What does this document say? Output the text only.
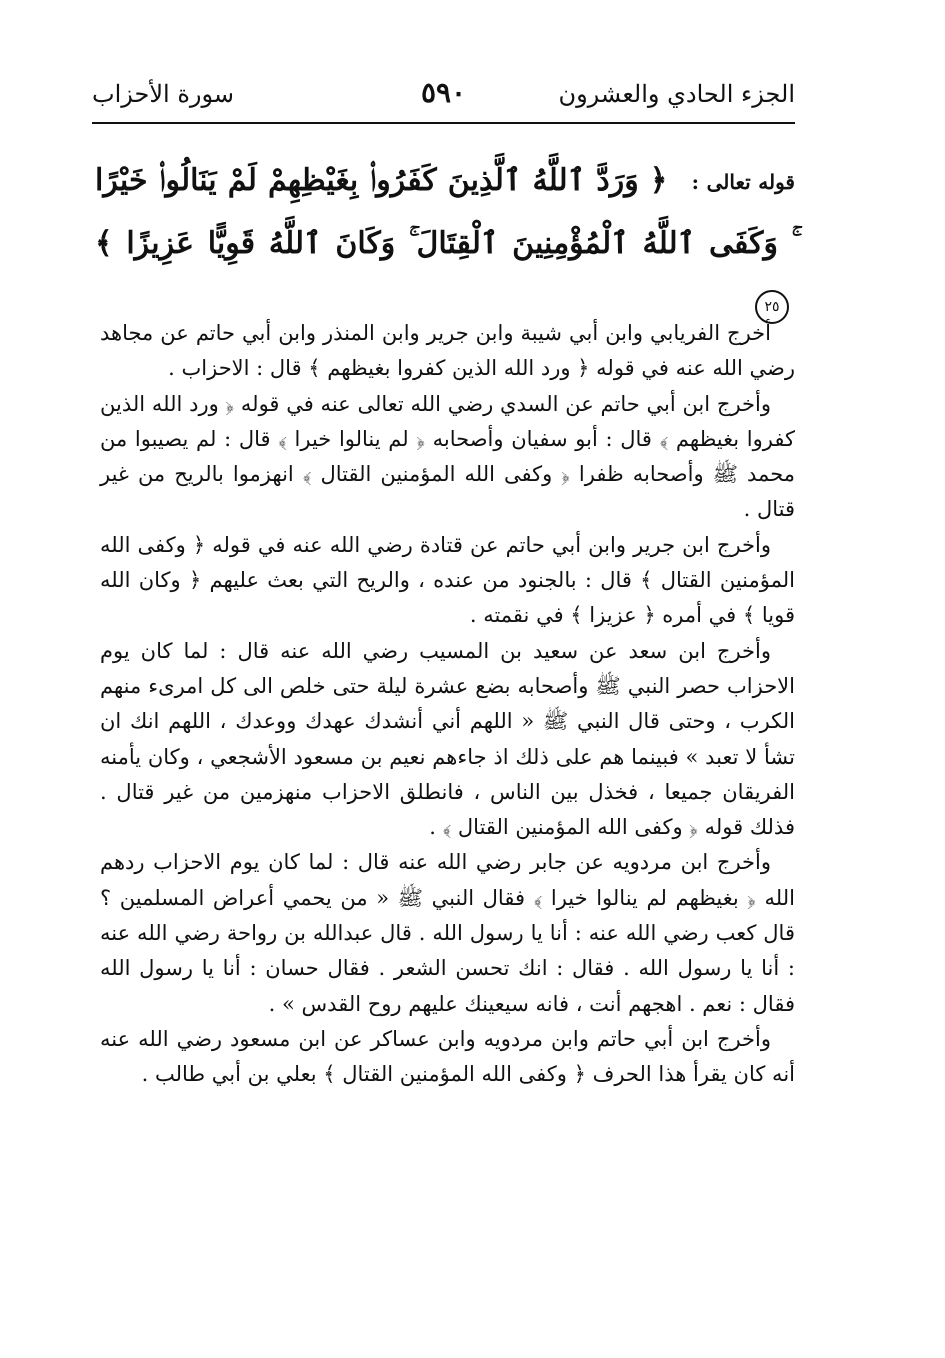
الجزء الحادي والعشرون
٥٩٠
سورة الأحزاب
قوله تعالى : ﴿ وَرَدَّ ٱللَّهُ ٱلَّذِينَ كَفَرُوا۟ بِغَيْظِهِمْ لَمْ يَنَالُوا۟ خَيْرًا ۚ وَكَفَى ٱللَّهُ ٱلْمُؤْمِنِينَ ٱلْقِتَالَ ۚ وَكَانَ ٱللَّهُ قَوِيًّا عَزِيزًا ﴾ ٢٥

أخرج الفريابي وابن أبي شيبة وابن جرير وابن المنذر وابن أبي حاتم عن مجاهد رضي الله عنه في قوله ﴿ ورد الله الذين كفروا بغيظهم ﴾ قال : الاحزاب .

وأخرج ابن أبي حاتم عن السدي رضي الله تعالى عنه في قوله ﴿ ورد الله الذين كفروا بغيظهم ﴾ قال : أبو سفيان وأصحابه ﴿ لم ينالوا خيرا ﴾ قال : لم يصيبوا من محمد ﷺ وأصحابه ظفرا ﴿ وكفى الله المؤمنين القتال ﴾ انهزموا بالريح من غير قتال .

وأخرج ابن جرير وابن أبي حاتم عن قتادة رضي الله عنه في قوله ﴿ وكفى الله المؤمنين القتال ﴾ قال : بالجنود من عنده ، والريح التي بعث عليهم ﴿ وكان الله قويا ﴾ في أمره ﴿ عزيزا ﴾ في نقمته .

وأخرج ابن سعد عن سعيد بن المسيب رضي الله عنه قال : لما كان يوم الاحزاب حصر النبي ﷺ وأصحابه بضع عشرة ليلة حتى خلص الى كل امرىء منهم الكرب ، وحتى قال النبي ﷺ « اللهم أني أنشدك عهدك ووعدك ، اللهم انك ان تشأ لا تعبد » فبينما هم على ذلك اذ جاءهم نعيم بن مسعود الأشجعي ، وكان يأمنه الفريقان جميعا ، فخذل بين الناس ، فانطلق الاحزاب منهزمين من غير قتال . فذلك قوله ﴿ وكفى الله المؤمنين القتال ﴾ .

وأخرج ابن مردويه عن جابر رضي الله عنه قال : لما كان يوم الاحزاب ردهم الله ﴿ بغيظهم لم ينالوا خيرا ﴾ فقال النبي ﷺ « من يحمي أعراض المسلمين ؟ قال كعب رضي الله عنه : أنا يا رسول الله . قال عبدالله بن رواحة رضي الله عنه : أنا يا رسول الله . فقال : انك تحسن الشعر . فقال حسان : أنا يا رسول الله فقال : نعم . اهجهم أنت ، فانه سيعينك عليهم روح القدس » .

وأخرج ابن أبي حاتم وابن مردويه وابن عساكر عن ابن مسعود رضي الله عنه أنه كان يقرأ هذا الحرف ﴿ وكفى الله المؤمنين القتال ﴾ بعلي بن أبي طالب .
